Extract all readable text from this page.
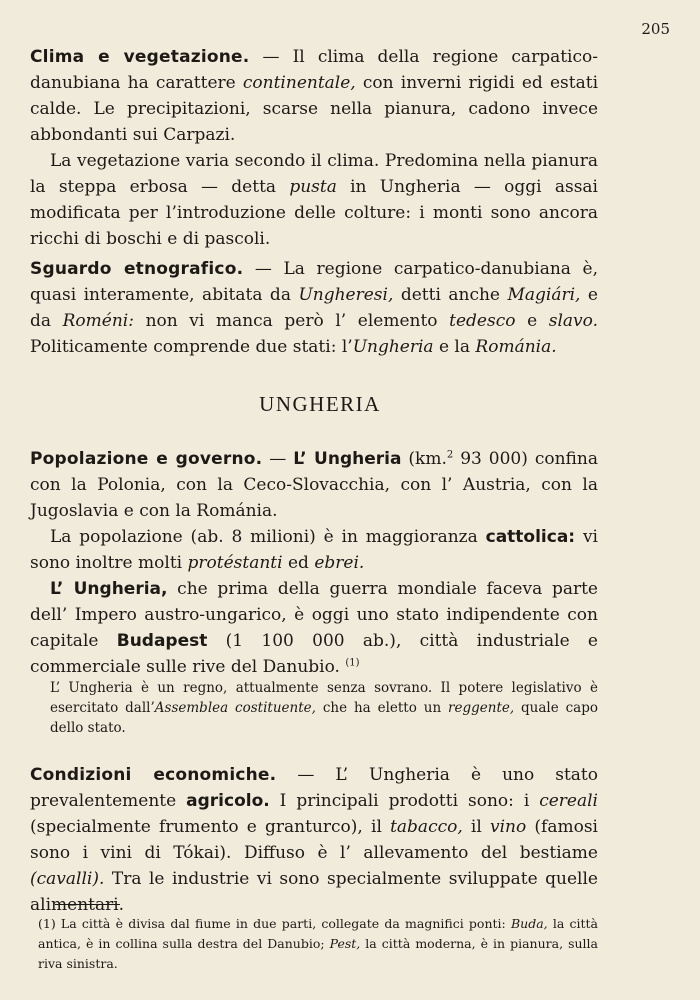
205

Clima e vegetazione. — Il clima della regione carpatico-danubiana ha carattere continentale, con inverni rigidi ed estati calde. Le precipitazioni, scarse nella pianura, cadono invece abbondanti sui Carpazi.

La vegetazione varia secondo il clima. Predomina nella pianura la steppa erbosa — detta pusta in Ungheria — oggi assai modificata per l’introduzione delle colture: i monti sono ancora ricchi di boschi e di pascoli.

Sguardo etnografico. — La regione carpatico-danubiana è, quasi interamente, abitata da Ungheresi, detti anche Magiári, e da Roméni: non vi manca però l’ elemento tedesco e slavo. Politicamente comprende due stati: l’Ungheria e la Románia.

UNGHERIA

Popolazione e governo. — L’ Ungheria (km.$^2$ 93 000) confina con la Polonia, con la Ceco-Slovacchia, con l’ Austria, con la Jugoslavia e con la Románia.

La popolazione (ab. 8 milioni) è in maggioranza cattolica: vi sono inoltre molti protéstanti ed ebrei.

L’ Ungheria, che prima della guerra mondiale faceva parte dell’ Impero austro-ungarico, è oggi uno stato indipendente con capitale Budapest (1 100 000 ab.), città industriale e commerciale sulle rive del Danubio. $^{(1)}$

L’ Ungheria è un regno, attualmente senza sovrano. Il potere legislativo è esercitato dall’Assemblea costituente, che ha eletto un reggente, quale capo dello stato.

Condizioni economiche. — L’ Ungheria è uno stato prevalentemente agricolo. I principali prodotti sono: i cereali (specialmente frumento e granturco), il tabacco, il vino (famosi sono i vini di Tókai). Diffuso è l’ allevamento del bestiame (cavalli). Tra le industrie vi sono specialmente sviluppate quelle alimentari.

(1) La città è divisa dal fiume in due parti, collegate da magnifici ponti: Buda, la città antica, è in collina sulla destra del Danubio; Pest, la città moderna, è in pianura, sulla riva sinistra.
